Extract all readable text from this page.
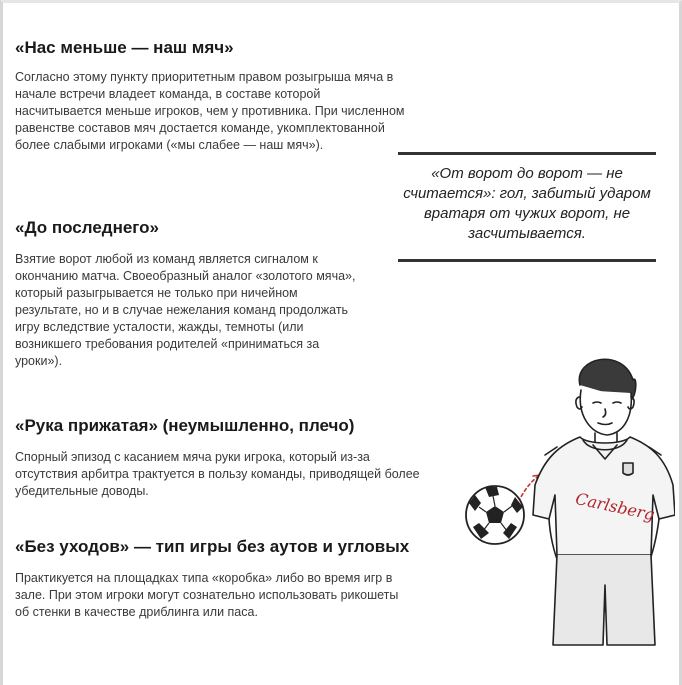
«Нас меньше — наш мяч»

Согласно этому пункту приоритетным правом розыгрыша мяча в начале встречи владеет команда, в составе которой насчитывается меньше игроков, чем у противника. При численном равенстве составов мяч достается команде, укомплектованной более слабыми игроками («мы слабее — наш мяч»).

«До последнего»

Взятие ворот любой из команд является сигналом к окончанию матча. Своеобразный аналог «золотого мяча», который разыгрывается не только при ничейном результате, но и в случае нежелания команд продолжать игру вследствие усталости, жажды, темноты (или возникшего требования родителей «приниматься за уроки»).

«Рука прижатая» (неумышленно, плечо)

Спорный эпизод с касанием мяча руки игрока, который из-за отсутствия арбитра трактуется в пользу команды, приводящей более убедительные доводы.

«Без уходов» — тип игры без аутов и угловых

Практикуется на площадках типа «коробка» либо во время игр в зале. При этом игроки могут сознательно использовать рикошеты об стенки в качестве дриблинга или паса.

«От ворот до ворот — не считается»: гол, забитый ударом вратаря от чужих ворот, не засчитывается.
Carlsberg
